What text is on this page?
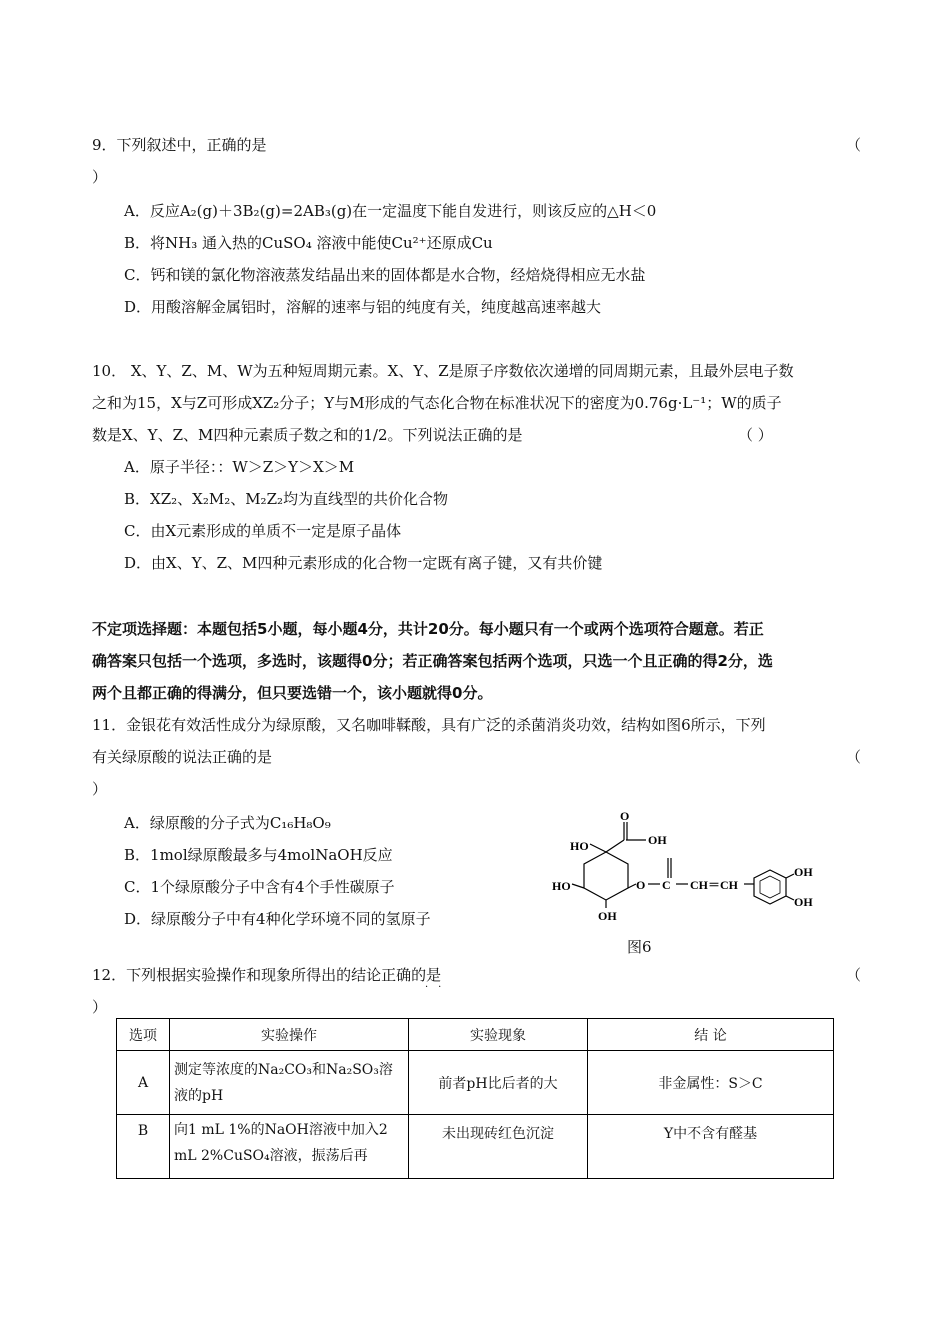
9．下列叙述中，正确的是	（
）
A．反应A₂(g)＋3B₂(g)=2AB₃(g)在一定温度下能自发进行，则该反应的△H＜0
B．将NH₃ 通入热的CuSO₄ 溶液中能使Cu²⁺还原成Cu
C．钙和镁的氯化物溶液蒸发结晶出来的固体都是水合物，经焙烧得相应无水盐
D．用酸溶解金属铝时，溶解的速率与铝的纯度有关，纯度越高速率越大
10． X、Y、Z、M、W为五种短周期元素。X、Y、Z是原子序数依次递增的同周期元素，且最外层电子数
之和为15，X与Z可形成XZ₂分子；Y与M形成的气态化合物在标准状况下的密度为0.76g·L⁻¹；W的质子
数是X、Y、Z、M四种元素质子数之和的1/2。下列说法正确的是	（ ）
A．原子半径：：W＞Z＞Y＞X＞M
B．XZ₂、X₂M₂、M₂Z₂均为直线型的共价化合物
C．由X元素形成的单质不一定是原子晶体
D．由X、Y、Z、M四种元素形成的化合物一定既有离子键，又有共价键
不定项选择题：本题包括5小题，每小题4分，共计20分。每小题只有一个或两个选项符合题意。若正
确答案只包括一个选项，多选时，该题得0分；若正确答案包括两个选项，只选一个且正确的得2分，选
两个且都正确的得满分，但只要选错一个，该小题就得0分。
11．金银花有效活性成分为绿原酸，又名咖啡鞣酸，具有广泛的杀菌消炎功效，结构如图6所示，下列
有关绿原酸的说法正确的是	（
）
A．绿原酸的分子式为C₁₆H₈O₉
B．1mol绿原酸最多与4molNaOH反应
C．1个绿原酸分子中含有4个手性碳原子
D．绿原酸分子中有4种化学环境不同的氢原子
HO
O
OH
HO
OH
O C CH＝CH
OH
OH
图6
12．下列根据实验操作和现象所得出的结论正确的是
··
（
）
选项	实验操作	实验现象	结 论
A	测定等浓度的Na₂CO₃和Na₂SO₃溶液的pH	前者pH比后者的大	非金属性：S＞C
B	向1 mL 1%的NaOH溶液中加入2 mL 2%CuSO₄溶液，振荡后再	未出现砖红色沉淀	Y中不含有醛基
